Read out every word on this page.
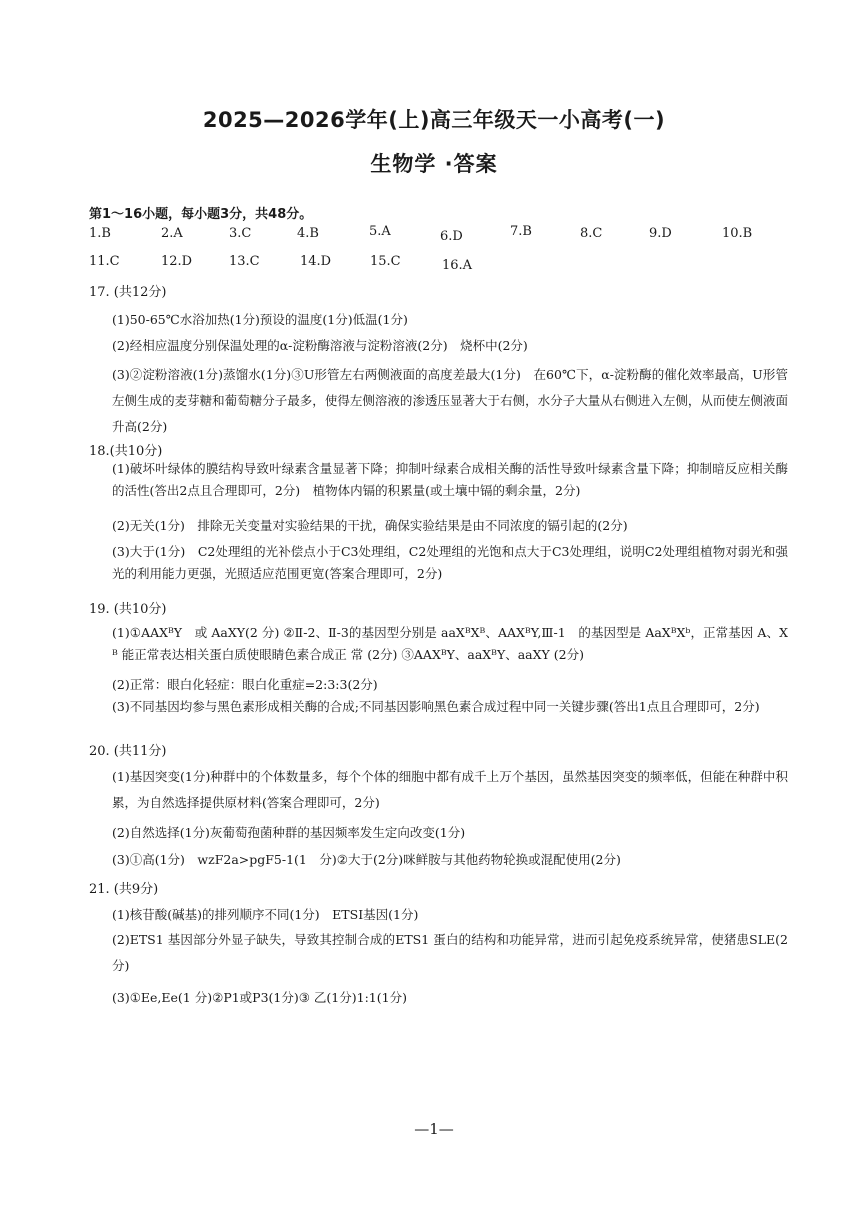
2025—2026学年(上)高三年级天一小高考(一)
生物学 ·答案
第1～16小题，每小题3分，共48分。
1.B	2.A	3.C	4.B	5.A	6.D	7.B	8.C	9.D	10.B
11.C	12.D	13.C	14.D	15.C	16.A
17. (共12分)
(1)50-65℃水浴加热(1分)预设的温度(1分)低温(1分)
(2)经相应温度分别保温处理的α-淀粉酶溶液与淀粉溶液(2分)　烧杯中(2分)
(3)②淀粉溶液(1分)蒸馏水(1分)③U形管左右两侧液面的高度差最大(1分)　在60℃下，α-淀粉酶的催化效率最高，U形管左侧生成的麦芽糖和葡萄糖分子最多，使得左侧溶液的渗透压显著大于右侧，水分子大量从右侧进入左侧，从而使左侧液面升高(2分)
18.(共10分)
(1)破坏叶绿体的膜结构导致叶绿素含量显著下降；抑制叶绿素合成相关酶的活性导致叶绿素含量下降；抑制暗反应相关酶的活性(答出2点且合理即可，2分)　植物体内镉的积累量(或土壤中镉的剩余量，2分)
(2)无关(1分)　排除无关变量对实验结果的干扰，确保实验结果是由不同浓度的镉引起的(2分)
(3)大于(1分)　C2处理组的光补偿点小于C3处理组，C2处理组的光饱和点大于C3处理组，说明C2处理组植物对弱光和强光的利用能力更强，光照适应范围更宽(答案合理即可，2分)
19. (共10分)
(1)①AAXᴮY　或 AaXY(2 分) ②Ⅱ-2、Ⅱ-3的基因型分别是 aaXᴮXᴮ、AAXᴮY,Ⅲ-1　的基因型是 AaXᴮXᵇ，正常基因 A、Xᴮ 能正常表达相关蛋白质使眼睛色素合成正 常 (2分) ③AAXᴮY、aaXᴮY、aaXY (2分)
(2)正常：眼白化轻症：眼白化重症=2:3:3(2分)
(3)不同基因均参与黑色素形成相关酶的合成;不同基因影响黑色素合成过程中同一关键步骤(答出1点且合理即可，2分)
20. (共11分)
(1)基因突变(1分)种群中的个体数量多，每个个体的细胞中都有成千上万个基因，虽然基因突变的频率低，但能在种群中积累，为自然选择提供原材料(答案合理即可，2分)
(2)自然选择(1分)灰葡萄孢菌种群的基因频率发生定向改变(1分)
(3)①高(1分)　wzF2a>pgF5-1(1　分)②大于(2分)咪鲜胺与其他药物轮换或混配使用(2分)
21. (共9分)
(1)核苷酸(碱基)的排列顺序不同(1分)　ETSI基因(1分)
(2)ETS1 基因部分外显子缺失，导致其控制合成的ETS1 蛋白的结构和功能异常，进而引起免疫系统异常，使猪患SLE(2 分)
(3)①Ee,Ee(1 分)②P1或P3(1分)③ 乙(1分)1:1(1分)
—1—
